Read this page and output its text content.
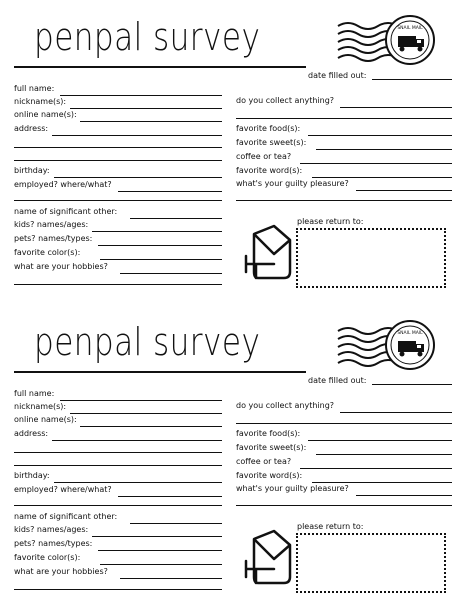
penpal survey	SNAIL MAIL
date filled out:
full name:
nickname(s):
online name(s):
address:
birthday:
employed? where/what?
name of significant other:
kids? names/ages:
pets? names/types:
favorite color(s):
what are your hobbies?
do you collect anything?
favorite food(s):
favorite sweet(s):
coffee or tea?
favorite word(s):
what's your guilty pleasure?
please return to:
penpal survey	SNAIL MAIL
date filled out:
full name:
nickname(s):
online name(s):
address:
birthday:
employed? where/what?
name of significant other:
kids? names/ages:
pets? names/types:
favorite color(s):
what are your hobbies?
do you collect anything?
favorite food(s):
favorite sweet(s):
coffee or tea?
favorite word(s):
what's your guilty pleasure?
please return to:
